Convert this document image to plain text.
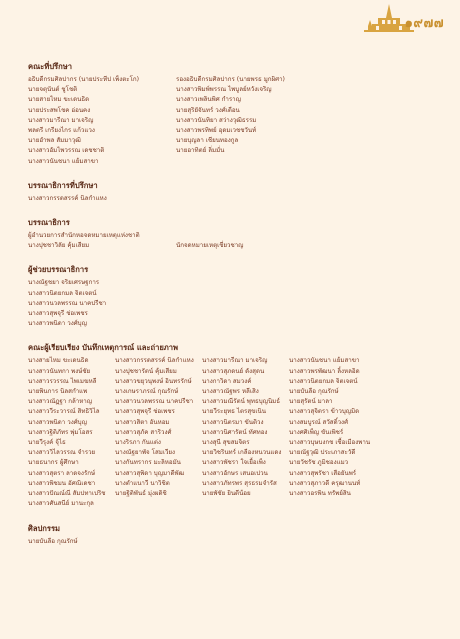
๑๙๗๗
คณะที่ปรึกษา
อธิบดีกรมศิลปากร (นายประทีป เพ็งตะโก)
นายจตุนันต์ ชูโชติ
นายสายไหม ขะเดนธิด
นายประสพโชค อ่อนคง
นางสาวมารีณา มาเจริญ
พลตรี เกรียงไกร แก้วแวง
นายอำพล สัมมาวุฒิ
นางสาวอัมไพวรรณ เดชชาติ
นางสาวนันชนา แย้มสาขา
รองอธิบดีกรมศิลปากร (นายพรธ มูกผิศา)
นางสาวพิมพ์พรรณ ไพบูลย์หวังเจริญ
นางสาวเพลินพิศ กำราญ
นายสุริยัจันทร์ วงศ์เดือน
นางสาวนันทิยา สว่างวุฒิธรรม
นางสาวพรทิพย์ อุดมเวชชวันท์
นายบุญลา เชียนทองกูล
นายอาทิตย์ ลิ่มมั่น
บรรณาธิการที่ปรึกษา
นางสาวกรรดสรรค์ นิลกำแหง
บรรณาธิการ
ผู้อำนวยการสำนักหอจดหมายเหตุแห่งชาติ
นางปุชชาวิลัย คุ้มเสียม	นักจดหมายเหตุเชี่ยวชาญ
ผู้ช่วยบรรณาธิการ
นางณัฐชยา จริยเศรษฐการ
นางสาวนิตยกมล จิตเจตน์
นางสาวนวลพรรณ นาคปรีชา
นางสาวสุพจุรี ช่อเพชร
นางสาวพนิดา วงศ์บุญ
คณะผู้เรียบเรียง บันทึกเหตุการณ์ และถ่ายภาพ
นางสายไหม ขะเดนธิด
นางสาวนันทกา พงษ์ชัย
นางสาวรวรรณ ไพเมฆหลี
นายพินการ นิลสกำแพ
นางสาวณัฏฐา กล้าหาญ
นางสาววีระวารณ์ สิทธิวิไล
นางสาวพนิดา วงศ์บุญ
นางสาวฐิติภัทร พุ่มโอสร
นายวีรุงค์ จุ้ไธ
นางสาววิไลวรรณ จำรวย
นายธนากร ผู้ศึกษา
นางสาวสุตรา ลาดจงรักษ์
นางสาวพิชมน อัศณิเดชา
นางสาวปัณณ์ณี สัมปทาเปริช
นางสาวศันสนีย์ มานะกุล
นางสาวกรรดสรรค์ นิลกำแหง
นางปุชชารัตน์ คุ้มเสียม
นางสาวขยุวนุพงษ์ อินทรรักษ์
นางเกษราภรณ์ กุณรักษ์
นางสาวนวลพรรณ นาคปรีชา
นางสาวสุพจุรี ช่อเพชร
นางสาวสิตา อันหอม
นางสาวสุภัค สาริวงศ์
นางริรภา กันแต่ง
นางณัฐยาพัจ โสมเวียง
นางกันทรากร มะลิหอมัน
นางสาวสุพิดา บุญมาดีพัฒ
นางตำแนาวี นาวิชิต
นายฐิติพันธ์ มุ่งผดิชิ
นางสาวมารีณา มาเจริญ
นางสาวสุภดนย์ ดังสุดน
นางกาวิดา สมวงค์
นางสาวณัฐพร หลีเสิง
นางสาวมณีรัตน์ พุทธบุญนิมธ์
นายวีระยุทธ ไตรสุขเนิน
นางสาวนิตรมา ขันติวง
นางสาวนิศารัตน์ ทัศทอง
นางสุนี สุขสมจิตร
นายวิชรินทร์ เกลืองหนวนแดง
นางสาวพัชรา ใจเยื้อเพ็ง
นางสาวอักษร เสนอเปวน
นางสาวภัทรพร สุรธรมจำรัส
นายพัชัย ยินดีน้อย
นางสาวนันชนา แย้มสาขา
นางสาวพรพัฒนา ลิ้งหลอิด
นางสาวนิตยกมล จิตเจตน์
นายบันลือ กุณรักษ์
นายสุรัตน์ มาลา
นางสาวสุจิตรา ข้าวบุญมิด
นางสมบูรณ์ สวัสดิ์วงศ์
นางศศิเพ็ญ ขันเพิชร์
นางสาวบุษบงกช เชื้อเมืองพาน
นายณัฐวุฒิ ประเภาสะวัดี
นายวัชรัช ภูมิชองแมว
นางสาวสุพรัชา เสือยันพร์
นางสาวสุภาวดี ครุฒานนท์
นางสาวอรพิน ทรัพย์สิน
ศิลปกรรม
นายบันลือ กุณรักษ์
